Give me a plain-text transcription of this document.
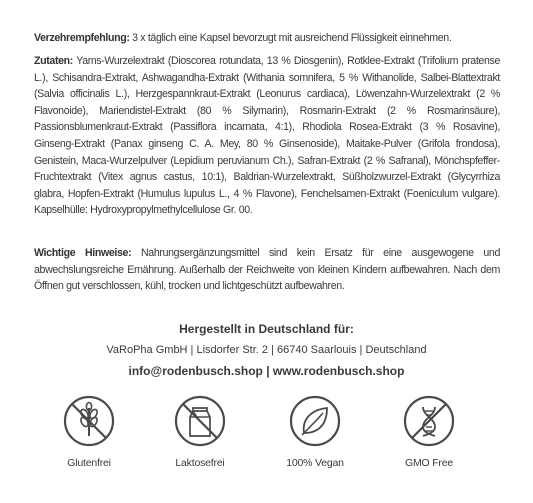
Verzehrempfehlung: 3 x täglich eine Kapsel bevorzugt mit ausreichend Flüssigkeit einnehmen.

Zutaten: Yams-Wurzelextrakt (Dioscorea rotundata, 13 % Diosgenin), Rotklee-Extrakt (Trifolium pratense L.), Schisandra-Extrakt, Ashwagandha-Extrakt (Withania somnifera, 5 % Withanolide, Salbei-Blattextrakt (Salvia officinalis L.), Herzgespannkraut-Extrakt (Leonurus cardiaca), Löwenzahn-Wurzelextrakt (2 % Flavonoide), Mariendistel-Extrakt (80 % Silymarin), Rosmarin-Extrakt (2 % Rosmarinsäure), Passionsblumenkraut-Extrakt (Passiflora incarnata, 4:1), Rhodiola Rosea-Extrakt (3 % Rosavine), Ginseng-Extrakt (Panax ginseng C. A. Mey, 80 % Ginsenoside), Maitake-Pulver (Grifola frondosa), Genistein, Maca-Wurzelpulver (Lepidium peruvianum Ch.), Safran-Extrakt (2 % Safranal), Mönchspfeffer-Fruchtextrakt (Vitex agnus castus, 10:1), Baldrian-Wurzelextrakt, Süßholzwurzel-Extrakt (Glycyrrhiza glabra, Hopfen-Extrakt (Humulus lupulus L., 4 % Flavone), Fenchelsamen-Extrakt (Foeniculum vulgare). Kapselhülle: Hydroxypropylmethylcellulose Gr. 00.

Wichtige Hinweise: Nahrungsergänzungsmittel sind kein Ersatz für eine ausgewogene und abwechslungsreiche Ernährung. Außerhalb der Reichweite von kleinen Kindern aufbewahren. Nach dem Öffnen gut verschlossen, kühl, trocken und lichtgeschützt aufbewahren.

Hergestellt in Deutschland für:
VaRoPha GmbH | Lisdorfer Str. 2 | 66740 Saarlouis | Deutschland
info@rodenbusch.shop | www.rodenbusch.shop
Glutenfrei	Laktosefrei	100% Vegan	GMO Free
